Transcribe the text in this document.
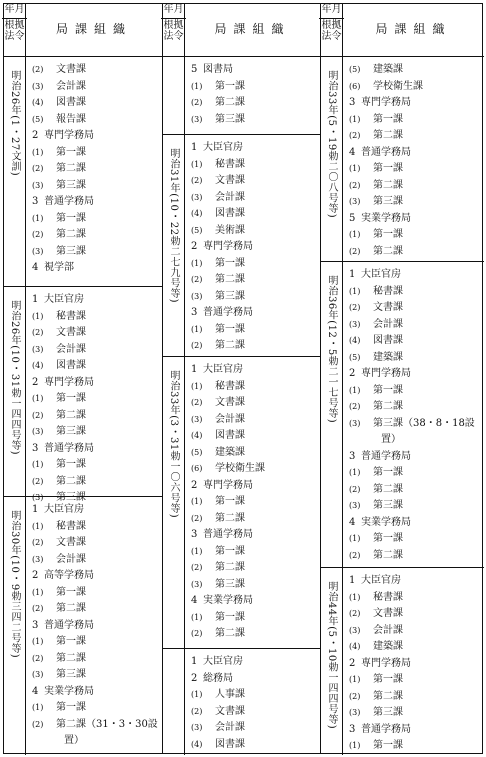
年月
根拠法令
局課組織
明治26年(1・27文訓)
(2) 文書課
(3) 会計課
(4) 図書課
(5) 報告課
2 専門学務局
(1) 第一課
(2) 第二課
(3) 第三課
3 普通学務局
(1) 第一課
(2) 第二課
(3) 第三課
4 視学部
明治26年(10・31勅一四四号等)
1 大臣官房
(1) 秘書課
(2) 文書課
(3) 会計課
(4) 図書課
2 専門学務局
(1) 第一課
(2) 第二課
(3) 第三課
3 普通学務局
(1) 第一課
(2) 第二課
(3) 第三課
明治30年(10・9勅三四二号等)
1 大臣官房
(1) 秘書課
(2) 文書課
(3) 会計課
2 高等学務局
(1) 第一課
(2) 第二課
3 普通学務局
(1) 第一課
(2) 第二課
(3) 第三課
4 実業学務局
(1) 第一課
(2) 第二課（31・3・30設
置）
年月
根拠法令
局課組織
5 図書局
(1) 第一課
(2) 第二課
(3) 第三課
明治31年(10・22勅二七九号等)
1 大臣官房
(1) 秘書課
(2) 文書課
(3) 会計課
(4) 図書課
(5) 美術課
2 専門学務局
(1) 第一課
(2) 第二課
(3) 第三課
3 普通学務局
(1) 第一課
(2) 第二課
明治33年(3・31勅一〇六号等)
1 大臣官房
(1) 秘書課
(2) 文書課
(3) 会計課
(4) 図書課
(5) 建築課
(6) 学校衛生課
2 専門学務局
(1) 第一課
(2) 第二課
3 普通学務局
(1) 第一課
(2) 第二課
(3) 第三課
4 実業学務局
(1) 第一課
(2) 第二課
1 大臣官房
2 総務局
(1) 人事課
(2) 文書課
(3) 会計課
(4) 図書課
年月
根拠法令
局課組織
明治33年(5・19勅二〇八号等)
(5) 建築課
(6) 学校衛生課
3 専門学務局
(1) 第一課
(2) 第二課
4 普通学務局
(1) 第一課
(2) 第二課
(3) 第三課
5 実業学務局
(1) 第一課
(2) 第二課
明治36年(12・5勅二一七号等)
1 大臣官房
(1) 秘書課
(2) 文書課
(3) 会計課
(4) 図書課
(5) 建築課
2 専門学務局
(1) 第一課
(2) 第二課
(3) 第三課（38・8・18設
置）
3 普通学務局
(1) 第一課
(2) 第二課
(3) 第三課
4 実業学務局
(1) 第一課
(2) 第二課
明治44年(5・10勅一四四号等)
1 大臣官房
(1) 秘書課
(2) 文書課
(3) 会計課
(4) 建築課
2 専門学務局
(1) 第一課
(2) 第二課
(3) 第三課
3 普通学務局
(1) 第一課
